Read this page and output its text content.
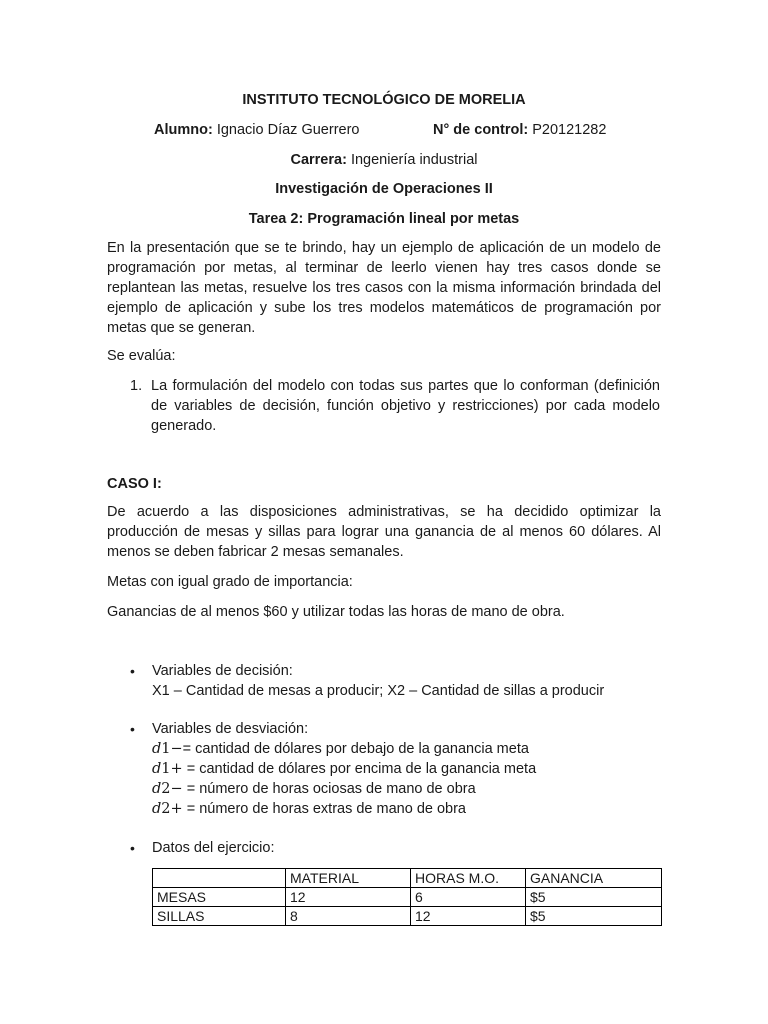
INSTITUTO TECNOLÓGICO DE MORELIA
Alumno: Ignacio Díaz Guerrero	N° de control: P20121282
Carrera: Ingeniería industrial
Investigación de Operaciones II
Tarea 2: Programación lineal por metas
En la presentación que se te brindo, hay un ejemplo de aplicación de un modelo de programación por metas, al terminar de leerlo vienen hay tres casos donde se replantean las metas, resuelve los tres casos con la misma información brindada del ejemplo de aplicación y sube los tres modelos matemáticos de programación por metas que se generan.
Se evalúa:
1. La formulación del modelo con todas sus partes que lo conforman (definición de variables de decisión, función objetivo y restricciones) por cada modelo generado.
CASO I:
De acuerdo a las disposiciones administrativas, se ha decidido optimizar la producción de mesas y sillas para lograr una ganancia de al menos 60 dólares. Al menos se deben fabricar 2 mesas semanales.
Metas con igual grado de importancia:
Ganancias de al menos $60 y utilizar todas las horas de mano de obra.
• Variables de decisión:
X1 – Cantidad de mesas a producir; X2 – Cantidad de sillas a producir
• Variables de desviación:
d1−= cantidad de dólares por debajo de la ganancia meta
d1+ = cantidad de dólares por encima de la ganancia meta
d2− = número de horas ociosas de mano de obra
d2+ = número de horas extras de mano de obra
• Datos del ejercicio:
	MATERIAL	HORAS M.O.	GANANCIA
MESAS	12	6	$5
SILLAS	8	12	$5
